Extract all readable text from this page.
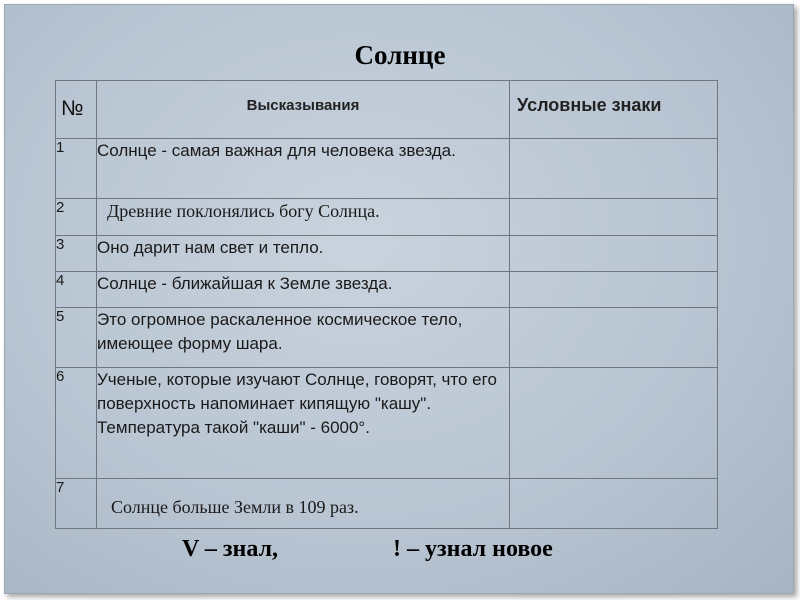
Солнце
№	Высказывания	Условные знаки
1	Солнце - самая важная для человека звезда.	
2	Древние поклонялись богу Солнца.	
3	Оно дарит нам свет и тепло.	
4	Солнце - ближайшая к Земле звезда.	
5	Это огромное раскаленное космическое тело, имеющее форму шара.	
6	Ученые, которые изучают Солнце, говорят, что его поверхность напоминает кипящую "кашу". Температура такой "каши" - 6000°.	
7	Солнце больше Земли в 109 раз.	
V – знал,	! – узнал новое
